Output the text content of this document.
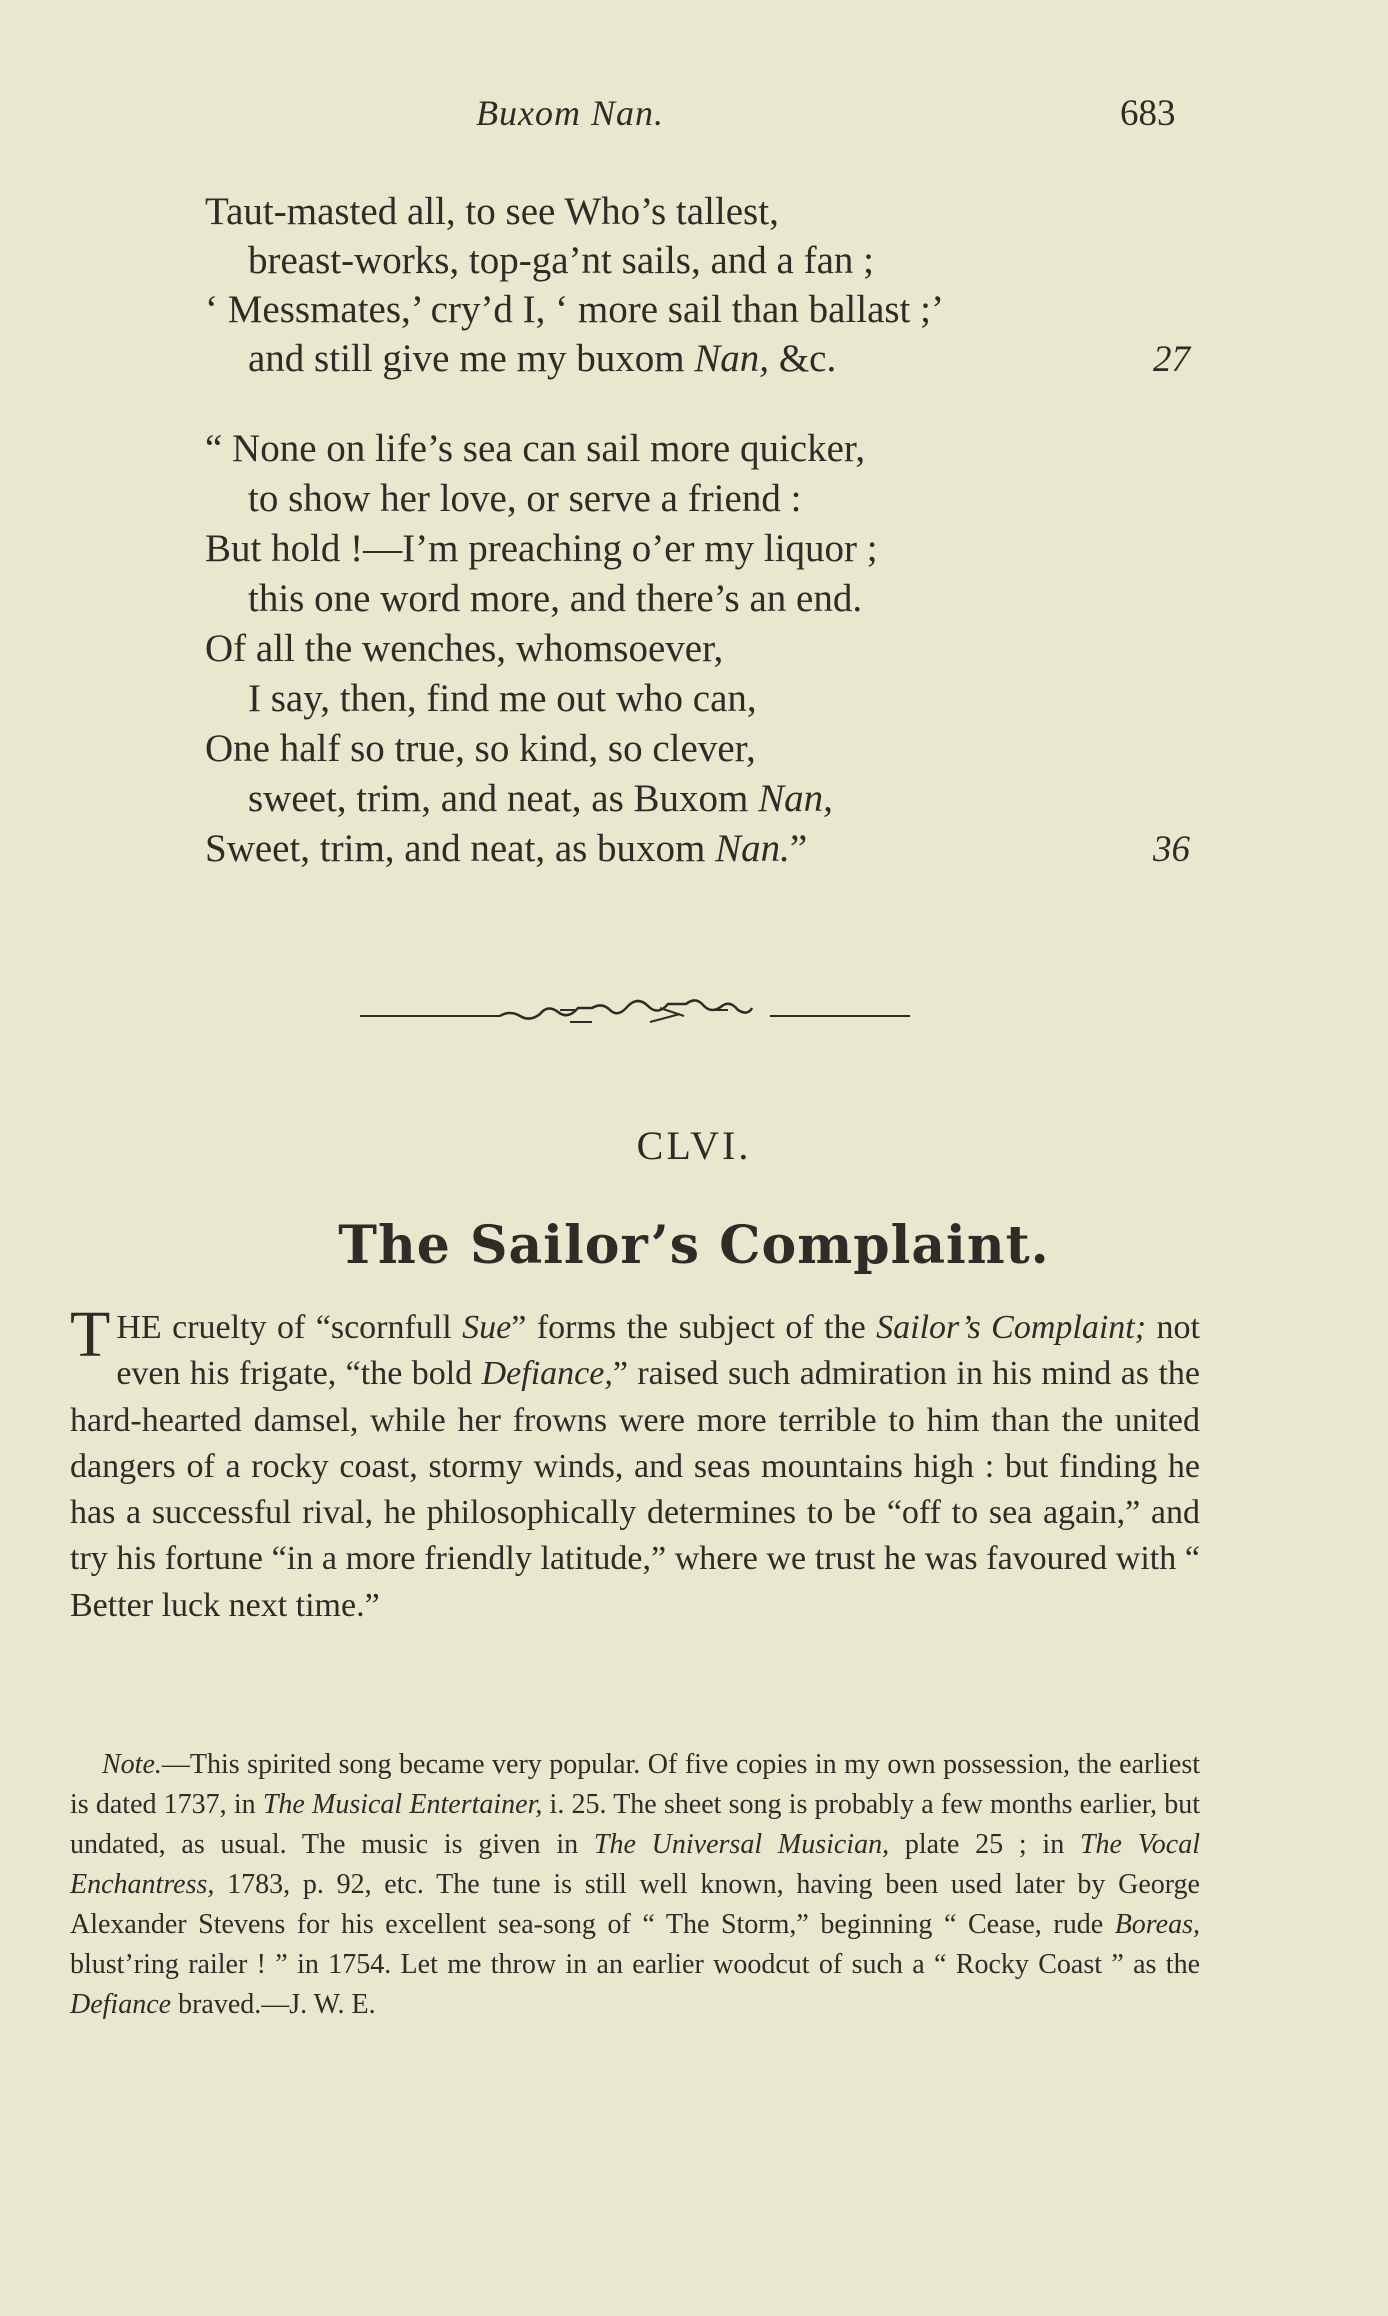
Buxom Nan.	683
Taut-masted all, to see Who’s tallest,
breast-works, top-ga’nt sails, and a fan ;
‘ Messmates,’ cry’d I, ‘ more sail than ballast ;’
and still give me my buxom Nan, &c.	27
“ None on life’s sea can sail more quicker,
to show her love, or serve a friend :
But hold !—I’m preaching o’er my liquor ;
this one word more, and there’s an end.
Of all the wenches, whomsoever,
I say, then, find me out who can,
One half so true, so kind, so clever,
sweet, trim, and neat, as Buxom Nan,
Sweet, trim, and neat, as buxom Nan.”	36
CLVI.
The Sailor’s Complaint.
THE cruelty of “scornfull Sue” forms the subject of the Sailor’s Complaint; not even his frigate, “the bold Defiance,” raised such admiration in his mind as the hard-hearted damsel, while her frowns were more terrible to him than the united dangers of a rocky coast, stormy winds, and seas mountains high : but finding he has a successful rival, he philosophically determines to be “off to sea again,” and try his fortune “in a more friendly latitude,” where we trust he was favoured with “ Better luck next time.”
Note.—This spirited song became very popular. Of five copies in my own possession, the earliest is dated 1737, in The Musical Entertainer, i. 25. The sheet song is probably a few months earlier, but undated, as usual. The music is given in The Universal Musician, plate 25 ; in The Vocal Enchantress, 1783, p. 92, etc. The tune is still well known, having been used later by George Alexander Stevens for his excellent sea-song of “ The Storm,” beginning “ Cease, rude Boreas, blust’ring railer ! ” in 1754. Let me throw in an earlier woodcut of such a “ Rocky Coast ” as the Defiance braved.—J. W. E.
